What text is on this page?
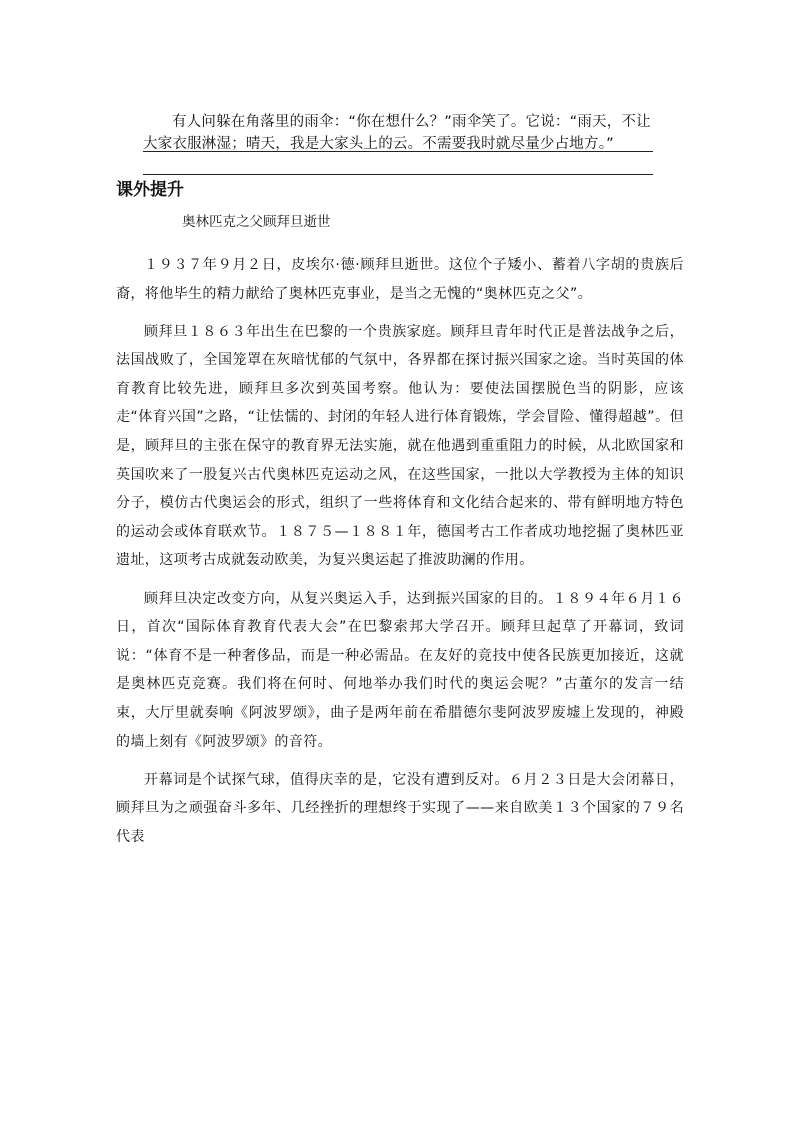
有人问躲在角落里的雨伞：“你在想什么？”雨伞笑了。它说：“雨天，不让大家衣服淋湿；晴天，我是大家头上的云。不需要我时就尽量少占地方。”

课外提升
奥林匹克之父顾拜旦逝世

１９３７年９月２日，皮埃尔·德·顾拜旦逝世。这位个子矮小、蓄着八字胡的贵族后裔，将他毕生的精力献给了奥林匹克事业，是当之无愧的“奥林匹克之父”。

顾拜旦１８６３年出生在巴黎的一个贵族家庭。顾拜旦青年时代正是普法战争之后，法国战败了，全国笼罩在灰暗忧郁的气氛中，各界都在探讨振兴国家之途。当时英国的体育教育比较先进，顾拜旦多次到英国考察。他认为：要使法国摆脱色当的阴影，应该走“体育兴国”之路，“让怯懦的、封闭的年轻人进行体育锻炼，学会冒险、懂得超越”。但是，顾拜旦的主张在保守的教育界无法实施，就在他遇到重重阻力的时候，从北欧国家和英国吹来了一股复兴古代奥林匹克运动之风，在这些国家，一批以大学教授为主体的知识分子，模仿古代奥运会的形式，组织了一些将体育和文化结合起来的、带有鲜明地方特色的运动会或体育联欢节。１８７５—１８８１年，德国考古工作者成功地挖掘了奥林匹亚遗址，这项考古成就轰动欧美，为复兴奥运起了推波助澜的作用。

顾拜旦决定改变方向，从复兴奥运入手，达到振兴国家的目的。１８９４年６月１６日，首次“国际体育教育代表大会”在巴黎索邦大学召开。顾拜旦起草了开幕词，致词说：“体育不是一种奢侈品，而是一种必需品。在友好的竞技中使各民族更加接近，这就是奥林匹克竞赛。我们将在何时、何地举办我们时代的奥运会呢？”古董尔的发言一结束，大厅里就奏响《阿波罗颂》，曲子是两年前在希腊德尔斐阿波罗废墟上发现的，神殿的墙上刻有《阿波罗颂》的音符。

开幕词是个试探气球，值得庆幸的是，它没有遭到反对。６月２３日是大会闭幕日，顾拜旦为之顽强奋斗多年、几经挫折的理想终于实现了——来自欧美１３个国家的７９名代表
